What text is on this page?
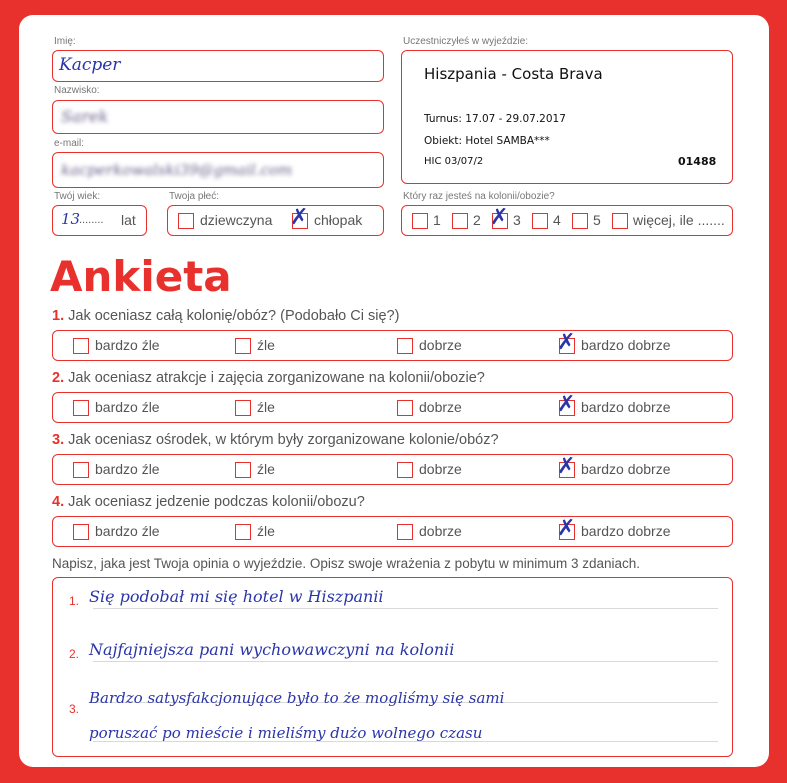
Imię:
Kacper
Nazwisko:
Sarek
e-mail:
kacperkowalski39@gmail.com
Twój wiek:
13
........ lat
Twoja płeć:
dziewczyna ✗ chłopak
Uczestniczyłeś w wyjeździe:
Hiszpania - Costa Brava
Turnus: 17.07 - 29.07.2017
Obiekt: Hotel SAMBA***
HIC 03/07/2	01488
Który raz jesteś na kolonii/obozie?
1 2 ✗ 3 4 5 więcej, ile .......
Ankieta
1. Jak oceniasz całą kolonię/obóz? (Podobało Ci się?)
bardzo źle	źle	dobrze	✗ bardzo dobrze
2. Jak oceniasz atrakcje i zajęcia zorganizowane na kolonii/obozie?
bardzo źle	źle	dobrze	✗ bardzo dobrze
3. Jak oceniasz ośrodek, w którym były zorganizowane kolonie/obóz?
bardzo źle	źle	dobrze	✗ bardzo dobrze
4. Jak oceniasz jedzenie podczas kolonii/obozu?
bardzo źle	źle	dobrze	✗ bardzo dobrze
Napisz, jaka jest Twoja opinia o wyjeździe. Opisz swoje wrażenia z pobytu w minimum 3 zdaniach.
1.
2.
3.
Się podobał mi się hotel w Hiszpanii
Najfajniejsza pani wychowawczyni na kolonii
Bardzo satysfakcjonujące było to że mogliśmy się sami
poruszać po mieście i mieliśmy dużo wolnego czasu
